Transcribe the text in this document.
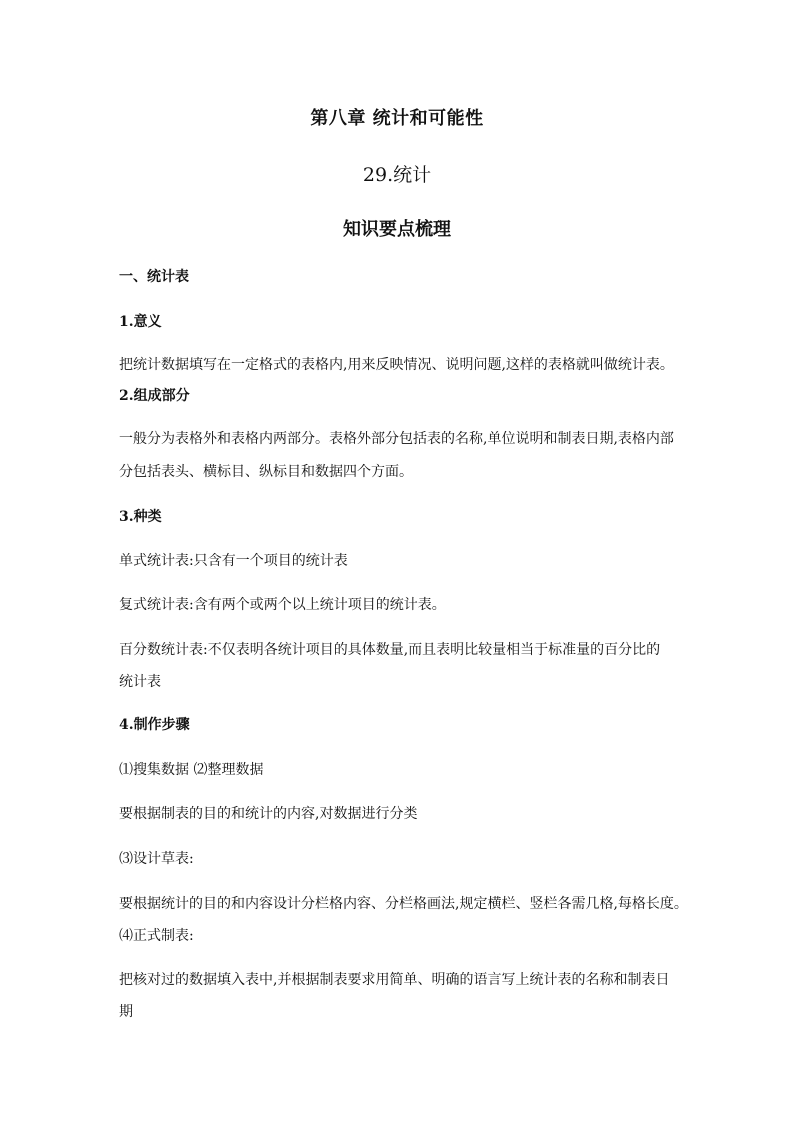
第八章 统计和可能性
29.统计
知识要点梳理
一、统计表
1.意义
把统计数据填写在一定格式的表格内,用来反映情况、说明问题,这样的表格就叫做统计表。
2.组成部分
一般分为表格外和表格内两部分。表格外部分包括表的名称,单位说明和制表日期,表格内部
分包括表头、横标目、纵标目和数据四个方面。
3.种类
单式统计表:只含有一个项目的统计表
复式统计表:含有两个或两个以上统计项目的统计表。
百分数统计表:不仅表明各统计项目的具体数量,而且表明比较量相当于标准量的百分比的
统计表
4.制作步骤
⑴搜集数据 ⑵整理数据
要根据制表的目的和统计的内容,对数据进行分类
⑶设计草表:
要根据统计的目的和内容设计分栏格内容、分栏格画法,规定横栏、竖栏各需几格,每格长度。
⑷正式制表:
把核对过的数据填入表中,并根据制表要求用简单、明确的语言写上统计表的名称和制表日
期
